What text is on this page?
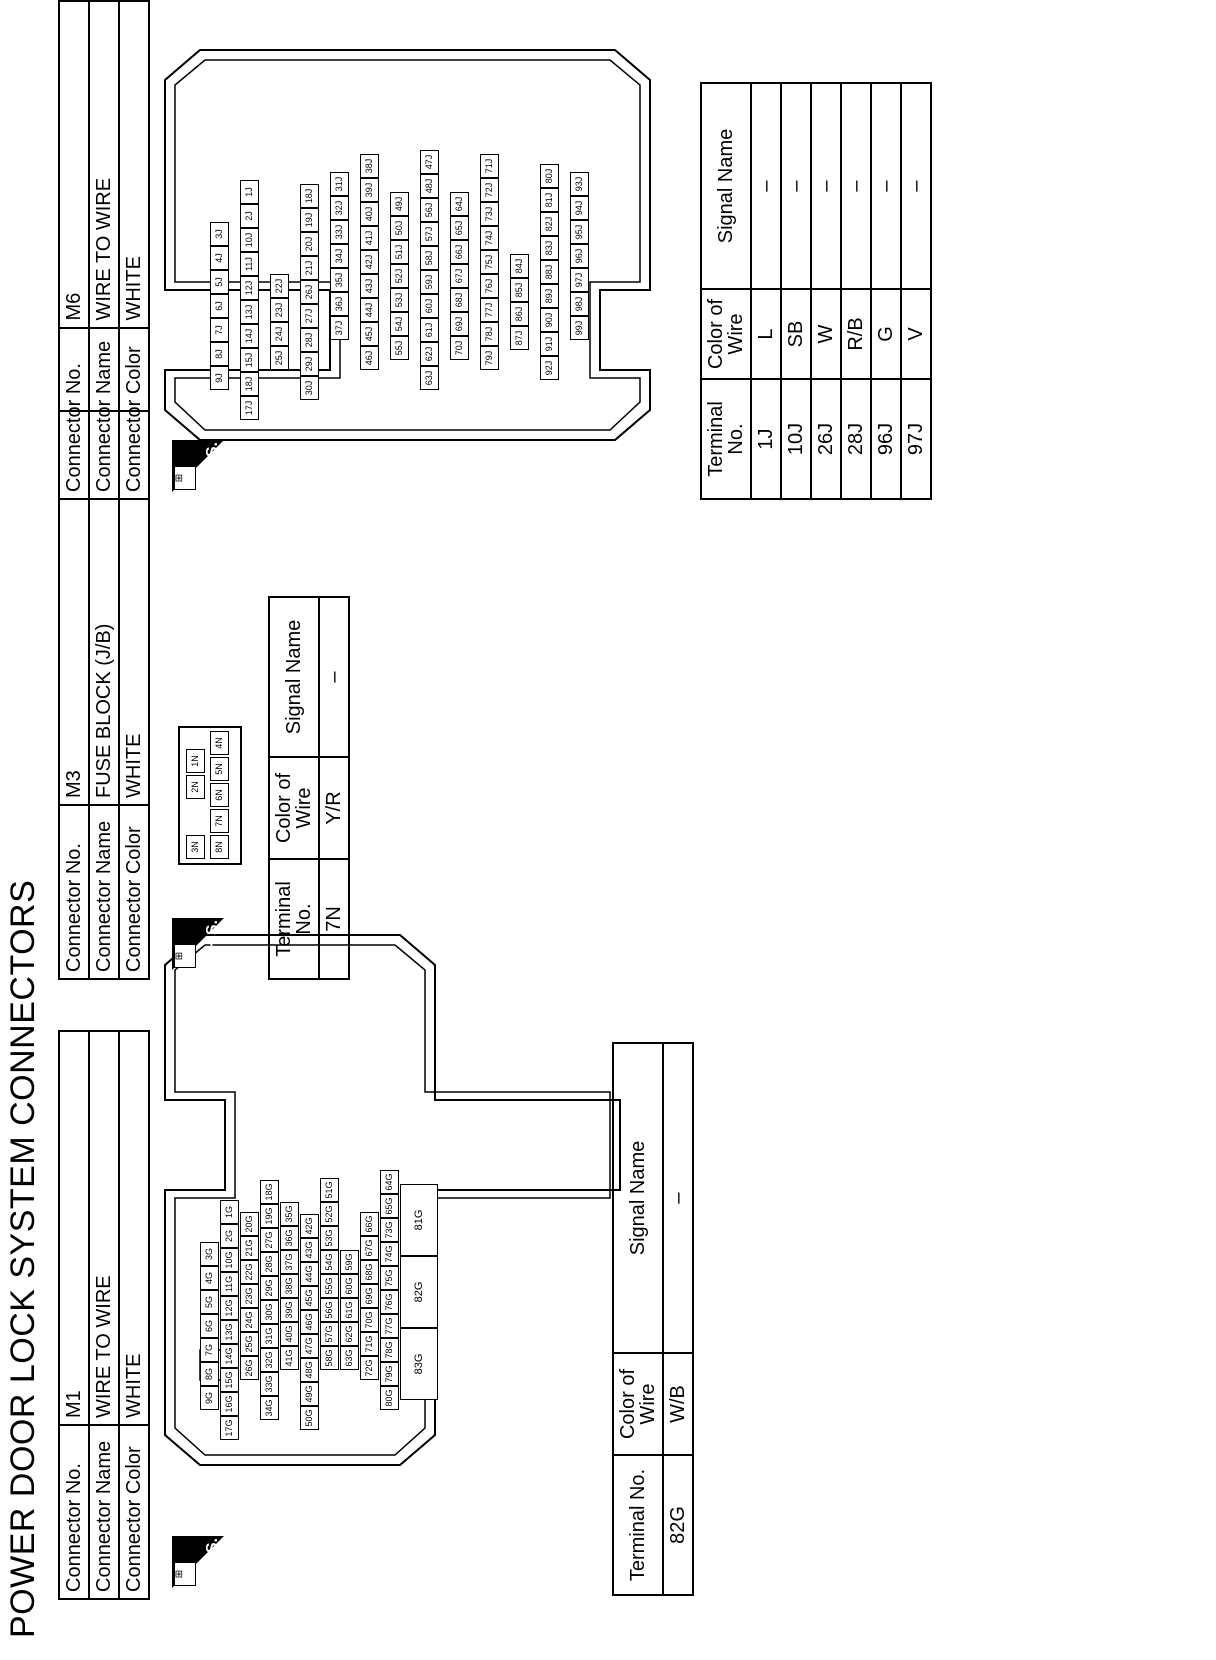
POWER DOOR LOCK SYSTEM CONNECTORS Connector No.	M1
Connector Name	WIRE TO WIRE
Connector Color	WHITE
⊞
H.S.
9G
8G
7G
6G
5G
4G
3G
17G
16G
15G
14G
13G
12G
11G
10G
2G
1G
26G
25G
24G
23G
22G
21G
20G
34G
33G
32G
31G
30G
29G
28G
27G
19G
18G
41G
40G
39G
38G
37G
36G
35G
50G
49G
48G
47G
46G
45G
44G
43G
42G
58G
57G
56G
55G
54G
53G
52G
51G
63G
62G
61G
60G
59G
72G
71G
70G
69G
68G
67G
66G
80G
79G
78G
77G
76G
75G
74G
73G
65G
64G
83G
82G
81G
Terminal No.	Color of Wire	Signal Name
82G	W/B	–
Connector No.	M3
Connector Name	FUSE BLOCK (J/B)
Connector Color	WHITE
⊞
H.S.
3N
2N
1N
8N
7N
6N
5N
4N
Terminal No.	Color of Wire	Signal Name
7N	Y/R	–
Connector No.	M6
Connector Name	WIRE TO WIRE
Connector Color	WHITE
⊞
H.S.
9J
8J
7J
6J
5J
4J
3J
17J
18J
15J
14J
13J
12J
11J
10J
2J
1J
25J
24J
23J
22J
30J
29J
28J
27J
26J
21J
20J
19J
18J
37J
36J
35J
34J
33J
32J
31J
46J
45J
44J
43J
42J
41J
40J
39J
38J
55J
54J
53J
52J
51J
50J
49J
63J
62J
61J
60J
59J
58J
57J
56J
48J
47J
70J
69J
68J
67J
66J
65J
64J
79J
78J
77J
76J
75J
74J
73J
72J
71J
87J
86J
85J
84J
92J
91J
90J
89J
88J
83J
82J
81J
80J
99J
98J
97J
96J
95J
94J
93J
Terminal No.	Color of Wire	Signal Name
1J	L	–
10J	SB	–
26J	W	–
28J	R/B	–
96J	G	–
97J	V	–
